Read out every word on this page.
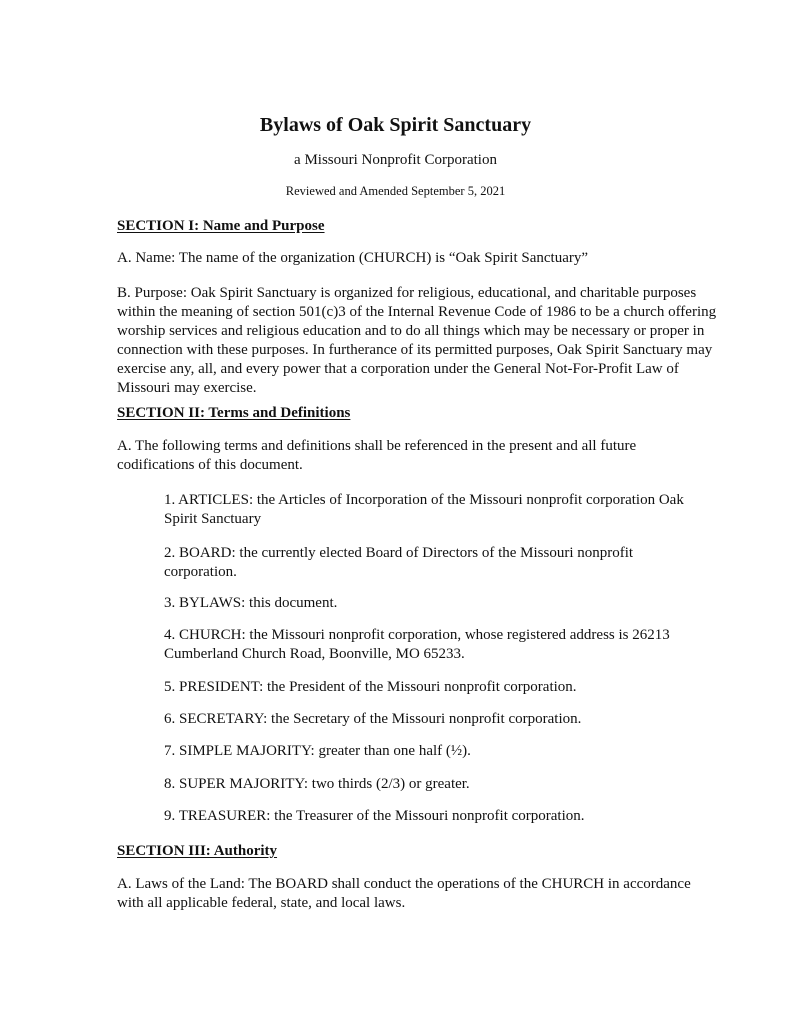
Bylaws of Oak Spirit Sanctuary
a Missouri Nonprofit Corporation
Reviewed and Amended September 5, 2021
SECTION I: Name and Purpose
A. Name: The name of the organization (CHURCH) is “Oak Spirit Sanctuary”
B. Purpose: Oak Spirit Sanctuary is organized for religious, educational, and charitable purposes within the meaning of section 501(c)3 of the Internal Revenue Code of 1986 to be a church offering worship services and religious education and to do all things which may be necessary or proper in connection with these purposes. In furtherance of its permitted purposes, Oak Spirit Sanctuary may exercise any, all, and every power that a corporation under the General Not-For-Profit Law of Missouri may exercise.
SECTION II: Terms and Definitions
A. The following terms and definitions shall be referenced in the present and all future codifications of this document.
1. ARTICLES: the Articles of Incorporation of the Missouri nonprofit corporation Oak Spirit Sanctuary
2. BOARD: the currently elected Board of Directors of the Missouri nonprofit corporation.
3. BYLAWS: this document.
4. CHURCH: the Missouri nonprofit corporation, whose registered address is 26213 Cumberland Church Road, Boonville, MO 65233.
5. PRESIDENT: the President of the Missouri nonprofit corporation.
6. SECRETARY: the Secretary of the Missouri nonprofit corporation.
7. SIMPLE MAJORITY: greater than one half (½).
8. SUPER MAJORITY: two thirds (2/3) or greater.
9. TREASURER: the Treasurer of the Missouri nonprofit corporation.
SECTION III: Authority
A. Laws of the Land: The BOARD shall conduct the operations of the CHURCH in accordance with all applicable federal, state, and local laws.
